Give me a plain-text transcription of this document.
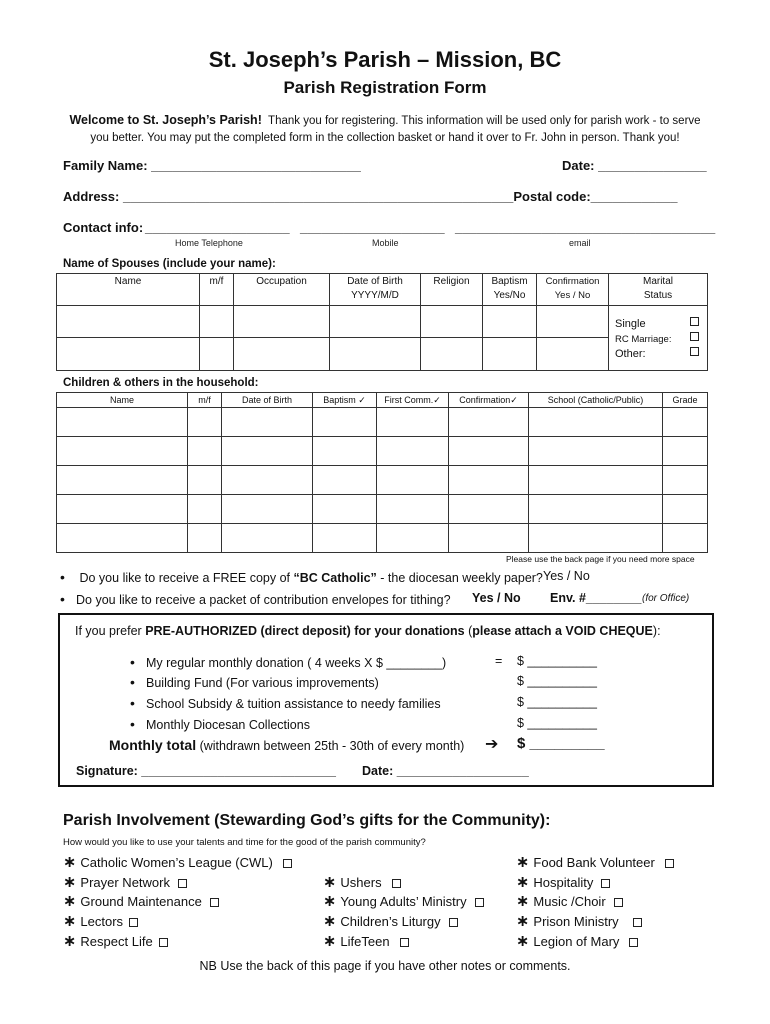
St. Joseph’s Parish – Mission, BC
Parish Registration Form
Welcome to St. Joseph’s Parish! Thank you for registering. This information will be used only for parish work - to serve you better. You may put the completed form in the collection basket or hand it over to Fr. John in person. Thank you!
Family Name: _____________________________	Date: _______________
Address: ______________________________________________________Postal code:____________
Contact info: ____________________ ____________________ ____________________________________
Home Telephone	Mobile	email
Name of Spouses (include your name):
Name	m/f	Occupation	Date of Birth YYYY/M/D	Religion	Baptism Yes/No	Confirmation Yes / No	Marital Status

							Single
RC Marriage:
Other:

Children & others in the household:
Name	m/f	Date of Birth	Baptism ✓	First Comm.✓	Confirmation✓	School (Catholic/Public)	Grade

Please use the back page if you need more space
• Do you like to receive a FREE copy of “BC Catholic” - the diocesan weekly paper? Yes / No
• Do you like to receive a packet of contribution envelopes for tithing? Yes / No Env. #________ (for Office)
If you prefer PRE-AUTHORIZED (direct deposit) for your donations (please attach a VOID CHEQUE):
• My regular monthly donation ( 4 weeks X $ ________)	= $ __________
• Building Fund (For various improvements)	$ __________
• School Subsidy & tuition assistance to needy families	$ __________
• Monthly Diocesan Collections	$ __________
Monthly total (withdrawn between 25th - 30th of every month) ➔ $ _________
Signature: ____________________________ Date: ___________________
Parish Involvement (Stewarding God’s gifts for the Community):
How would you like to use your talents and time for the good of the parish community?
∗ Catholic Women’s League (CWL)
∗ Prayer Network
∗ Ground Maintenance
∗ Lectors
∗ Respect Life
∗ Ushers
∗ Young Adults’ Ministry
∗ Children’s Liturgy
∗ LifeTeen
∗ Food Bank Volunteer
∗ Hospitality
∗ Music /Choir
∗ Prison Ministry
∗ Legion of Mary
NB Use the back of this page if you have other notes or comments.
